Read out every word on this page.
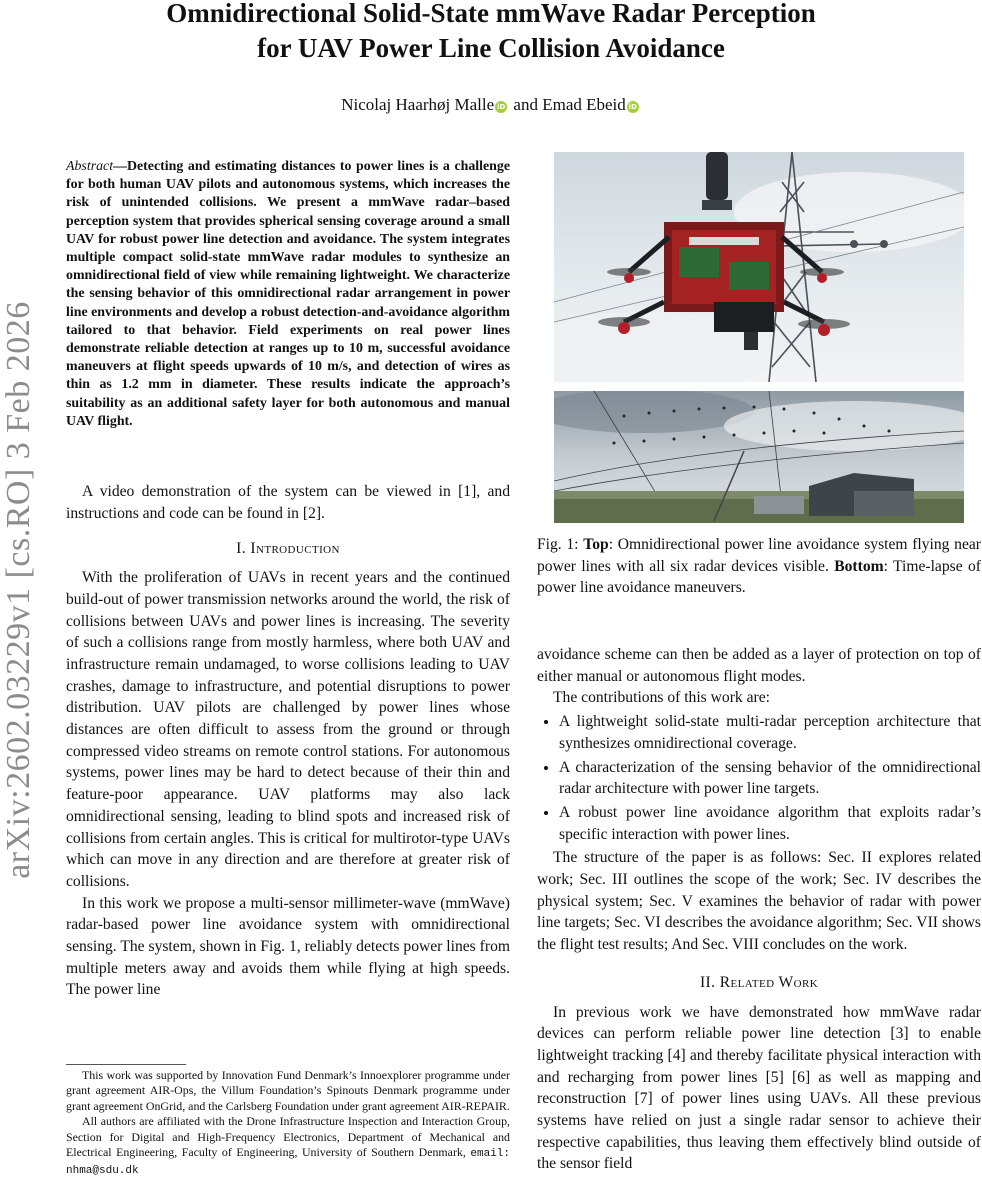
Omnidirectional Solid-State mmWave Radar Perception
for UAV Power Line Collision Avoidance
Nicolaj Haarhøj Malle iD and Emad Ebeid iD
arXiv:2602.03229v1 [cs.RO] 3 Feb 2026
Abstract—Detecting and estimating distances to power lines is a challenge for both human UAV pilots and autonomous systems, which increases the risk of unintended collisions. We present a mmWave radar–based perception system that provides spherical sensing coverage around a small UAV for robust power line detection and avoidance. The system integrates multiple compact solid-state mmWave radar modules to synthesize an omnidirectional field of view while remaining lightweight. We characterize the sensing behavior of this omnidirectional radar arrangement in power line environments and develop a robust detection-and-avoidance algorithm tailored to that behavior. Field experiments on real power lines demonstrate reliable detection at ranges up to 10 m, successful avoidance maneuvers at flight speeds upwards of 10 m/s, and detection of wires as thin as 1.2 mm in diameter. These results indicate the approach’s suitability as an additional safety layer for both autonomous and manual UAV flight.

A video demonstration of the system can be viewed in [1], and instructions and code can be found in [2].

I. Introduction

With the proliferation of UAVs in recent years and the continued build-out of power transmission networks around the world, the risk of collisions between UAVs and power lines is increasing. The severity of such a collisions range from mostly harmless, where both UAV and infrastructure remain undamaged, to worse collisions leading to UAV crashes, damage to infrastructure, and potential disruptions to power distribution. UAV pilots are challenged by power lines whose distances are often difficult to assess from the ground or through compressed video streams on remote control stations. For autonomous systems, power lines may be hard to detect because of their thin and feature-poor appearance. UAV platforms may also lack omnidirectional sensing, leading to blind spots and increased risk of collisions from certain angles. This is critical for multirotor-type UAVs which can move in any direction and are therefore at greater risk of collisions.

In this work we propose a multi-sensor millimeter-wave (mmWave) radar-based power line avoidance system with omnidirectional sensing. The system, shown in Fig. 1, reliably detects power lines from multiple meters away and avoids them while flying at high speeds. The power line

This work was supported by Innovation Fund Denmark’s Innoexplorer programme under grant agreement AIR-Ops, the Villum Foundation’s Spinouts Denmark programme under grant agreement OnGrid, and the Carlsberg Foundation under grant agreement AIR-REPAIR.

All authors are affiliated with the Drone Infrastructure Inspection and Interaction Group, Section for Digital and High-Frequency Electronics, Department of Mechanical and Electrical Engineering, Faculty of Engineering, University of Southern Denmark, email: nhma@sdu.dk

Fig. 1: Top: Omnidirectional power line avoidance system flying near power lines with all six radar devices visible. Bottom: Time-lapse of power line avoidance maneuvers.

avoidance scheme can then be added as a layer of protection on top of either manual or autonomous flight modes.

The contributions of this work are:

• A lightweight solid-state multi-radar perception architecture that synthesizes omnidirectional coverage.
• A characterization of the sensing behavior of the omnidirectional radar architecture with power line targets.
• A robust power line avoidance algorithm that exploits radar’s specific interaction with power lines.

The structure of the paper is as follows: Sec. II explores related work; Sec. III outlines the scope of the work; Sec. IV describes the physical system; Sec. V examines the behavior of radar with power line targets; Sec. VI describes the avoidance algorithm; Sec. VII shows the flight test results; And Sec. VIII concludes on the work.

II. Related Work

In previous work we have demonstrated how mmWave radar devices can perform reliable power line detection [3] to enable lightweight tracking [4] and thereby facilitate physical interaction with and recharging from power lines [5] [6] as well as mapping and reconstruction [7] of power lines using UAVs. All these previous systems have relied on just a single radar sensor to achieve their respective capabilities, thus leaving them effectively blind outside of the sensor field
